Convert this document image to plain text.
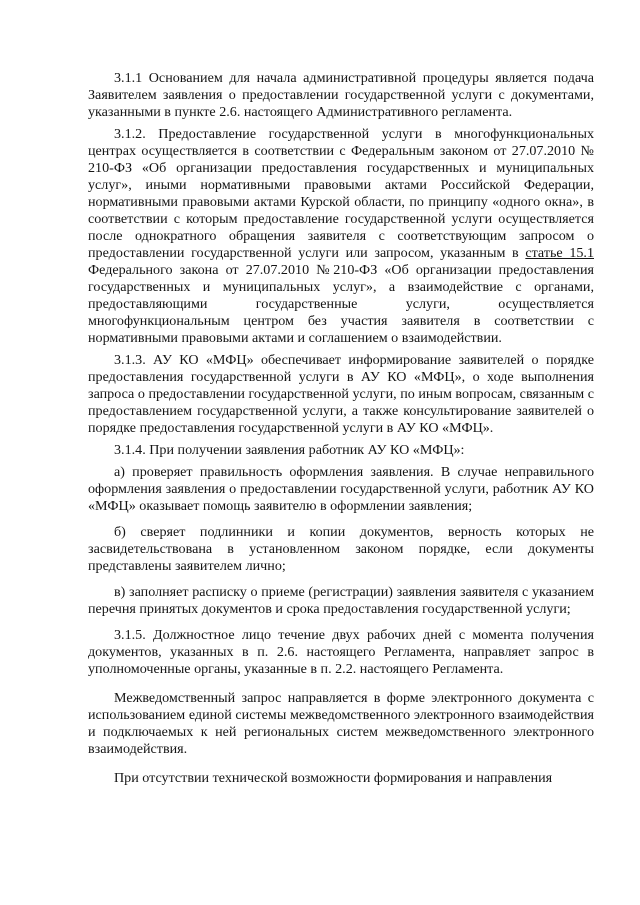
3.1.1 Основанием для начала административной процедуры является подача Заявителем заявления о предоставлении государственной услуги с документами, указанными в пункте 2.6. настоящего Административного регламента.

3.1.2. Предоставление государственной услуги в многофункциональных центрах осуществляется в соответствии с Федеральным законом от 27.07.2010 № 210-ФЗ «Об организации предоставления государственных и муниципальных услуг», иными нормативными правовыми актами Российской Федерации, нормативными правовыми актами Курской области, по принципу «одного окна», в соответствии с которым предоставление государственной услуги осуществляется после однократного обращения заявителя с соответствующим запросом о предоставлении государственной услуги или запросом, указанным в статье 15.1 Федерального закона от 27.07.2010 №210-ФЗ «Об организации предоставления государственных и муниципальных услуг», а взаимодействие с органами, предоставляющими государственные услуги, осуществляется многофункциональным центром без участия заявителя в соответствии с нормативными правовыми актами и соглашением о взаимодействии.

3.1.3. АУ КО «МФЦ» обеспечивает информирование заявителей о порядке предоставления государственной услуги в АУ КО «МФЦ», о ходе выполнения запроса о предоставлении государственной услуги, по иным вопросам, связанным с предоставлением государственной услуги, а также консультирование заявителей о порядке предоставления государственной услуги в АУ КО «МФЦ».

3.1.4. При получении заявления работник АУ КО «МФЦ»:

а) проверяет правильность оформления заявления. В случае неправильного оформления заявления о предоставлении государственной услуги, работник АУ КО «МФЦ» оказывает помощь заявителю в оформлении заявления;

б) сверяет подлинники и копии документов, верность которых не засвидетельствована в установленном законом порядке, если документы представлены заявителем лично;

в) заполняет расписку о приеме (регистрации) заявления заявителя с указанием перечня принятых документов и срока предоставления государственной услуги;

3.1.5. Должностное лицо течение двух рабочих дней с момента получения документов, указанных в п. 2.6. настоящего Регламента, направляет запрос в уполномоченные органы, указанные в п. 2.2. настоящего Регламента.

Межведомственный запрос направляется в форме электронного документа с использованием единой системы межведомственного электронного взаимодействия и подключаемых к ней региональных систем межведомственного электронного взаимодействия.

При отсутствии технической возможности формирования и направления
